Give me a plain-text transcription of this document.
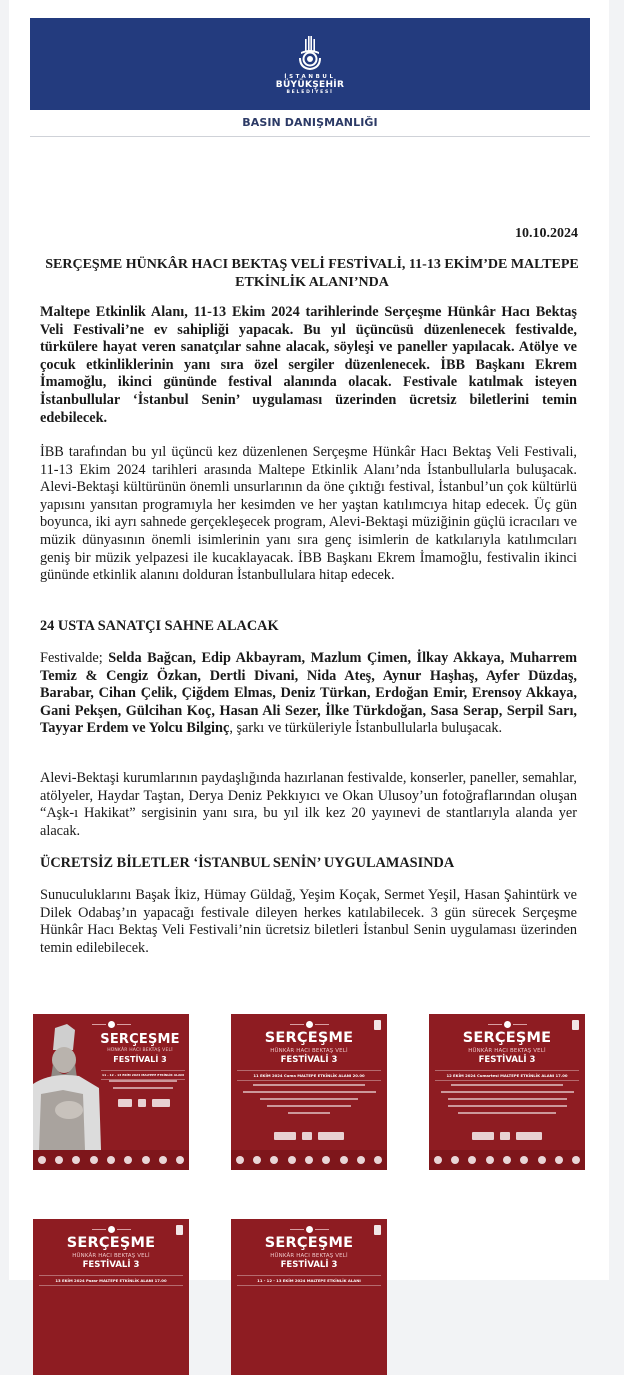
İSTANBUL
BÜYÜKŞEHİR
BELEDİYESİ
BASIN DANIŞMANLIĞI
10.10.2024
SERÇEŞME HÜNKÂR HACI BEKTAŞ VELİ FESTİVALİ, 11-13 EKİM’DE MALTEPE ETKİNLİK ALANI’NDA
Maltepe Etkinlik Alanı, 11-13 Ekim 2024 tarihlerinde Serçeşme Hünkâr Hacı Bektaş Veli Festivali’ne ev sahipliği yapacak. Bu yıl üçüncüsü düzenlenecek festivalde, türkülere hayat veren sanatçılar sahne alacak, söyleşi ve paneller yapılacak. Atölye ve çocuk etkinliklerinin yanı sıra özel sergiler düzenlenecek. İBB Başkanı Ekrem İmamoğlu, ikinci gününde festival alanında olacak. Festivale katılmak isteyen İstanbullular ‘İstanbul Senin’ uygulaması üzerinden ücretsiz biletlerini temin edebilecek.
İBB tarafından bu yıl üçüncü kez düzenlenen Serçeşme Hünkâr Hacı Bektaş Veli Festivali, 11-13 Ekim 2024 tarihleri arasında Maltepe Etkinlik Alanı’nda İstanbullularla buluşacak. Alevi-Bektaşi kültürünün önemli unsurlarının da öne çıktığı festival, İstanbul’un çok kültürlü yapısını yansıtan programıyla her kesimden ve her yaştan katılımcıya hitap edecek. Üç gün boyunca, iki ayrı sahnede gerçekleşecek program, Alevi-Bektaşi müziğinin güçlü icracıları ve müzik dünyasının önemli isimlerinin yanı sıra genç isimlerin de katkılarıyla katılımcıları geniş bir müzik yelpazesi ile kucaklayacak. İBB Başkanı Ekrem İmamoğlu, festivalin ikinci gününde etkinlik alanını dolduran İstanbullulara hitap edecek.
24 USTA SANATÇI SAHNE ALACAK
Festivalde; Selda Bağcan, Edip Akbayram, Mazlum Çimen, İlkay Akkaya, Muharrem Temiz & Cengiz Özkan, Dertli Divani, Nida Ateş, Aynur Haşhaş, Ayfer Düzdaş, Barabar, Cihan Çelik, Çiğdem Elmas, Deniz Türkan, Erdoğan Emir, Erensoy Akkaya, Gani Pekşen, Gülcihan Koç, Hasan Ali Sezer, İlke Türkdoğan, Sasa Serap, Serpil Sarı, Tayyar Erdem ve Yolcu Bilginç, şarkı ve türküleriyle İstanbullularla buluşacak.
Alevi-Bektaşi kurumlarının paydaşlığında hazırlanan festivalde, konserler, paneller, semahlar, atölyeler, Haydar Taştan, Derya Deniz Pekkıyıcı ve Okan Ulusoy’un fotoğraflarından oluşan “Aşk-ı Hakikat” sergisinin yanı sıra, bu yıl ilk kez 20 yayınevi de stantlarıyla alanda yer alacak.
ÜCRETSİZ BİLETLER ‘İSTANBUL SENİN’ UYGULAMASINDA
Sunuculuklarını Başak İkiz, Hümay Güldağ, Yeşim Koçak, Sermet Yeşil, Hasan Şahintürk ve Dilek Odabaş’ın yapacağı festivale dileyen herkes katılabilecek. 3 gün sürecek Serçeşme Hünkâr Hacı Bektaş Veli Festivali’nin ücretsiz biletleri İstanbul Senin uygulaması üzerinden temin edilebilecek.
SERÇEŞME
HÜNKÂR HACI BEKTAŞ VELİ
FESTİVALİ 3
11 - 12 - 13 EKİM 2024 MALTEPE ETKİNLİK ALANI
SERÇEŞME
HÜNKÂR HACI BEKTAŞ VELİ
FESTİVALİ 3
11 EKİM 2024 Cuma MALTEPE ETKİNLİK ALANI 20.00
SERÇEŞME
HÜNKÂR HACI BEKTAŞ VELİ
FESTİVALİ 3
12 EKİM 2024 Cumartesi MALTEPE ETKİNLİK ALANI 17.00
SERÇEŞME
HÜNKÂR HACI BEKTAŞ VELİ
FESTİVALİ 3
13 EKİM 2024 Pazar MALTEPE ETKİNLİK ALANI 17.00
SERÇEŞME
HÜNKÂR HACI BEKTAŞ VELİ
FESTİVALİ 3
11 - 12 - 13 EKİM 2024 MALTEPE ETKİNLİK ALANI
